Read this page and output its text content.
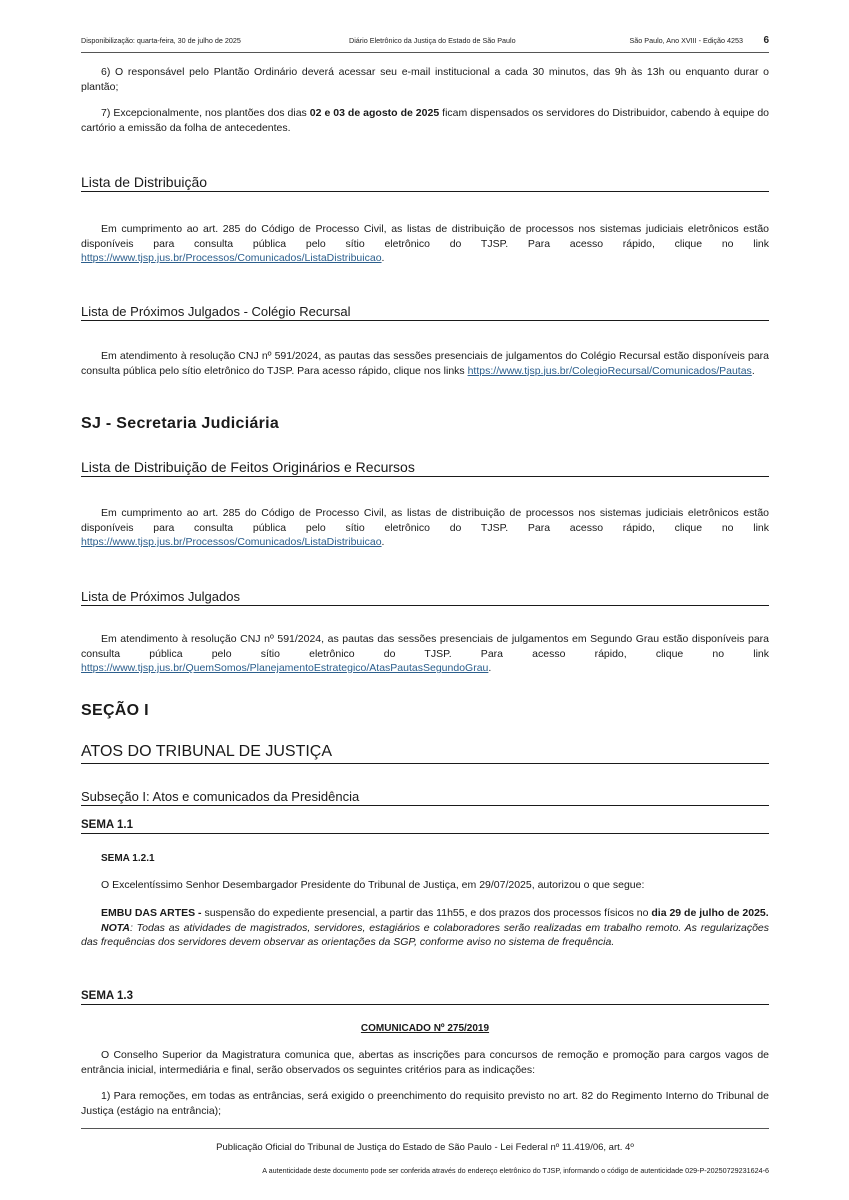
Disponibilização: quarta-feira, 30 de julho de 2025	Diário Eletrônico da Justiça do Estado de São Paulo	São Paulo, Ano XVIII - Edição 4253 6

6) O responsável pelo Plantão Ordinário deverá acessar seu e-mail institucional a cada 30 minutos, das 9h às 13h ou enquanto durar o plantão;

7) Excepcionalmente, nos plantões dos dias 02 e 03 de agosto de 2025 ficam dispensados os servidores do Distribuidor, cabendo à equipe do cartório a emissão da folha de antecedentes.

Lista de Distribuição

Em cumprimento ao art. 285 do Código de Processo Civil, as listas de distribuição de processos nos sistemas judiciais eletrônicos estão disponíveis para consulta pública pelo sítio eletrônico do TJSP. Para acesso rápido, clique no link https://www.tjsp.jus.br/Processos/Comunicados/ListaDistribuicao.

Lista de Próximos Julgados - Colégio Recursal

Em atendimento à resolução CNJ nº 591/2024, as pautas das sessões presenciais de julgamentos do Colégio Recursal estão disponíveis para consulta pública pelo sítio eletrônico do TJSP. Para acesso rápido, clique nos links https://www.tjsp.jus.br/ColegioRecursal/Comunicados/Pautas.

SJ - Secretaria Judiciária
Lista de Distribuição de Feitos Originários e Recursos

Em cumprimento ao art. 285 do Código de Processo Civil, as listas de distribuição de processos nos sistemas judiciais eletrônicos estão disponíveis para consulta pública pelo sítio eletrônico do TJSP. Para acesso rápido, clique no link https://www.tjsp.jus.br/Processos/Comunicados/ListaDistribuicao.

Lista de Próximos Julgados

Em atendimento à resolução CNJ nº 591/2024, as pautas das sessões presenciais de julgamentos em Segundo Grau estão disponíveis para consulta pública pelo sítio eletrônico do TJSP. Para acesso rápido, clique no link https://www.tjsp.jus.br/QuemSomos/PlanejamentoEstrategico/AtasPautasSegundoGrau.

SEÇÃO I
ATOS DO TRIBUNAL DE JUSTIÇA
Subseção I: Atos e comunicados da Presidência
SEMA 1.1

SEMA 1.2.1

O Excelentíssimo Senhor Desembargador Presidente do Tribunal de Justiça, em 29/07/2025, autorizou o que segue:

EMBU DAS ARTES - suspensão do expediente presencial, a partir das 11h55, e dos prazos dos processos físicos no dia 29 de julho de 2025.

NOTA: Todas as atividades de magistrados, servidores, estagiários e colaboradores serão realizadas em trabalho remoto. As regularizações das frequências dos servidores devem observar as orientações da SGP, conforme aviso no sistema de frequência.

SEMA 1.3

COMUNICADO Nº 275/2019

O Conselho Superior da Magistratura comunica que, abertas as inscrições para concursos de remoção e promoção para cargos vagos de entrância inicial, intermediária e final, serão observados os seguintes critérios para as indicações:

1) Para remoções, em todas as entrâncias, será exigido o preenchimento do requisito previsto no art. 82 do Regimento Interno do Tribunal de Justiça (estágio na entrância);

Publicação Oficial do Tribunal de Justiça do Estado de São Paulo - Lei Federal nº 11.419/06, art. 4º
A autenticidade deste documento pode ser conferida através do endereço eletrônico do TJSP, informando o código de autenticidade 029-P-20250729231624-6
